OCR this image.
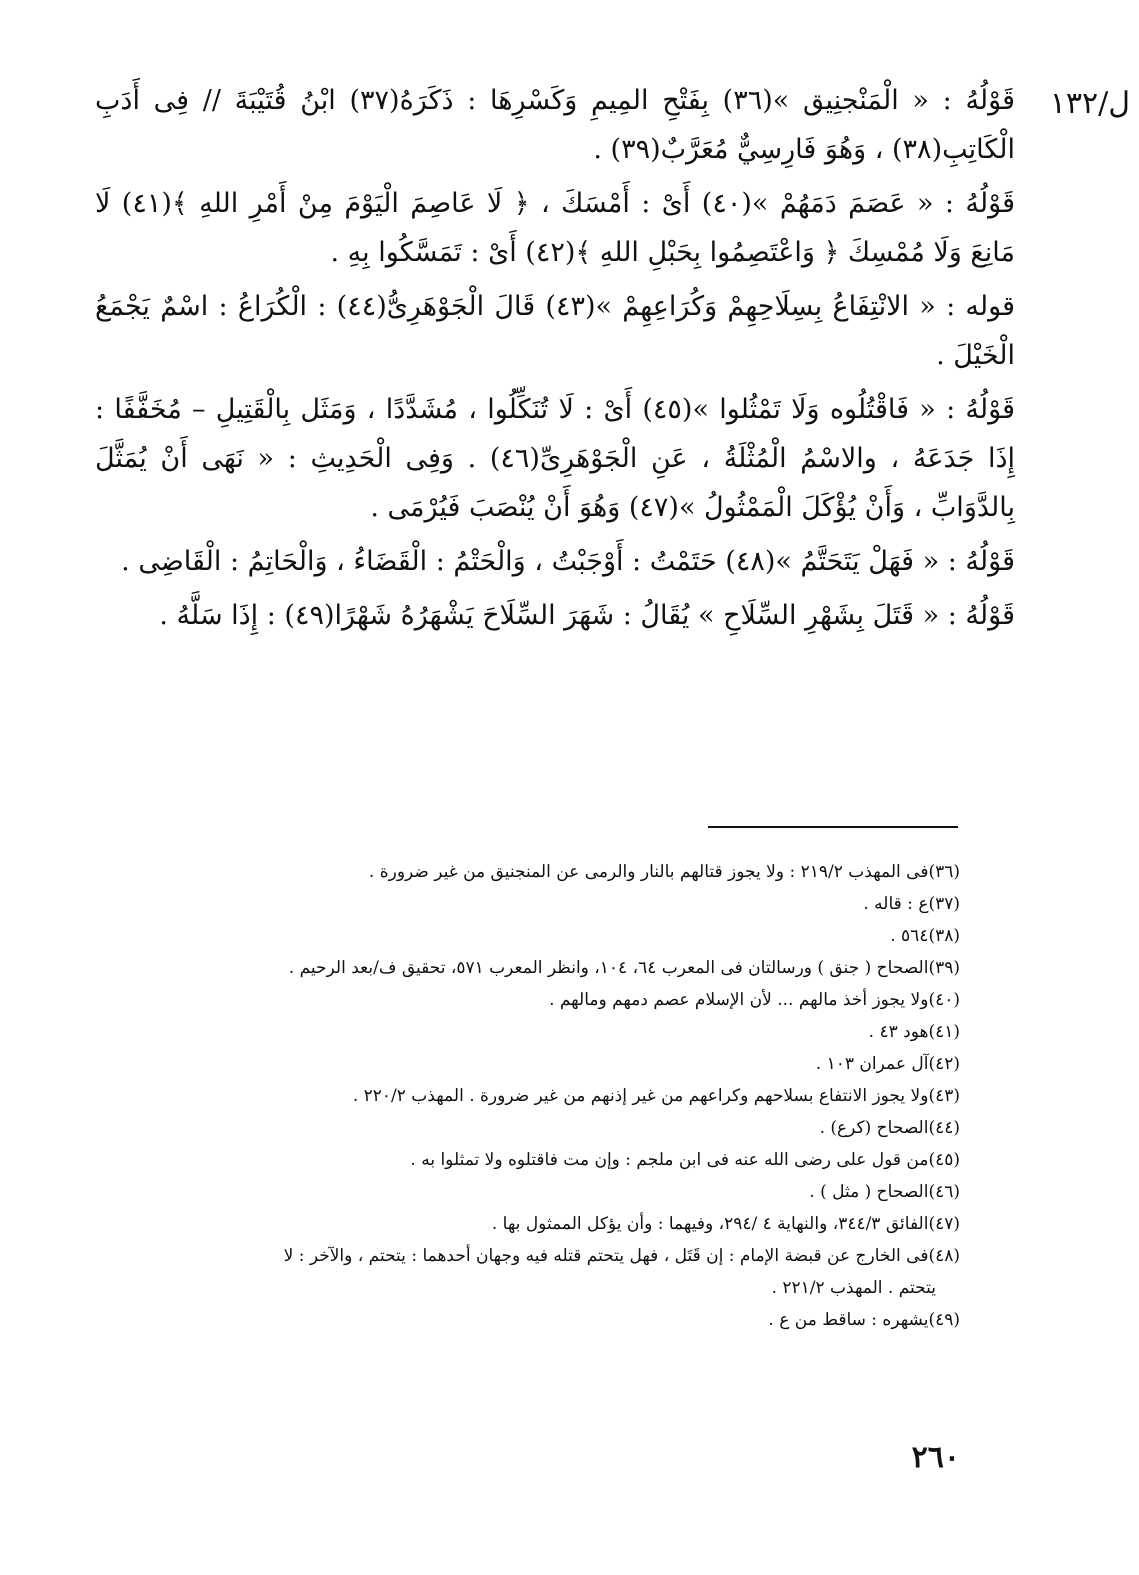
ل/١٣٢

قَوْلُهُ : « الْمَنْجنِيق »(٣٦) بِفَتْحِ المِيمِ وَكَسْرِهَا : ذَكَرَهُ(٣٧) ابْنُ قُتَيْبَةَ // فِى أَدَبِ الْكَاتِبِ(٣٨) ، وَهُوَ فَارِسِيٌّ مُعَرَّبٌ(٣٩) .

قَوْلُهُ : « عَصَمَ دَمَهُمْ »(٤٠) أَىْ : أَمْسَكَ ، ﴿ لَا عَاصِمَ الْيَوْمَ مِنْ أَمْرِ اللهِ ﴾(٤١) لَا مَانِعَ وَلَا مُمْسِكَ ﴿ وَاعْتَصِمُوا بِحَبْلِ اللهِ ﴾(٤٢) أَىْ : تَمَسَّكُوا بِهِ .

قوله : « الانْتِفَاعُ بِسِلَاحِهِمْ وَكُرَاعِهِمْ »(٤٣) قَالَ الْجَوْهَرِىُّ(٤٤) : الْكُرَاعُ : اسْمٌ يَجْمَعُ الْخَيْلَ .

قَوْلُهُ : « فَاقْتُلُوه وَلَا تَمْثُلوا »(٤٥) أَىْ : لَا تُنَكِّلُوا ، مُشَدَّدًا ، وَمَثَل بِالْقَتِيلِ – مُخَفَّفًا : إِذَا جَدَعَهُ ، والاسْمُ الْمُثْلَةُ ، عَنِ الْجَوْهَرِىِّ(٤٦) . وَفِى الْحَدِيثِ : « نَهَى أَنْ يُمَثَّلَ بِالدَّوَابِّ ، وَأَنْ يُؤْكَلَ الْمَمْثُولُ »(٤٧) وَهُوَ أَنْ يُنْصَبَ فَيُرْمَى .

قَوْلُهُ : « فَهَلْ يَتَحَتَّمُ »(٤٨) حَتَمْتُ : أَوْجَبْتُ ، وَالْحَتْمُ : الْقَضَاءُ ، وَالْحَاتِمُ : الْقَاضِى .

قَوْلُهُ : « قَتَلَ بِشَهْرِ السِّلَاحِ » يُقَالُ : شَهَرَ السِّلَاحَ يَشْهَرُهُ شَهْرًا(٤٩) : إِذَا سَلَّهُ .

(٣٦)فى المهذب ٢١٩/٢ : ولا يجوز قتالهم بالنار والرمى عن المنجنيق من غير ضرورة .

(٣٧)ع : قاله .

(٣٨)٥٦٤ .

(٣٩)الصحاح ( جنق ) ورسالتان فى المعرب ٦٤، ١٠٤، وانظر المعرب ٥٧١، تحقيق ف/بعد الرحيم .

(٤٠)ولا يجوز أخذ مالهم ... لأن الإسلام عصم دمهم ومالهم .

(٤١)هود ٤٣ .

(٤٢)آل عمران ١٠٣ .

(٤٣)ولا يجوز الانتفاع بسلاحهم وكراعهم من غير إذنهم من غير ضرورة . المهذب ٢٢٠/٢ .

(٤٤)الصحاح (كرع) .

(٤٥)من قول على رضى الله عنه فى ابن ملجم : وإن مت فاقتلوه ولا تمثلوا به .

(٤٦)الصحاح ( مثل ) .

(٤٧)الفائق ٣٤٤/٣، والنهاية ٤ /٢٩٤، وفيهما : وأن يؤكل الممثول بها .

(٤٨)فى الخارج عن قبضة الإمام : إن قَتَل ، فهل يتحتم قتله فيه وجهان أحدهما : يتحتم ، والآخر : لا

يتحتم . المهذب ٢٢١/٢ .

(٤٩)يشهره : ساقط من ع .

٢٦٠
